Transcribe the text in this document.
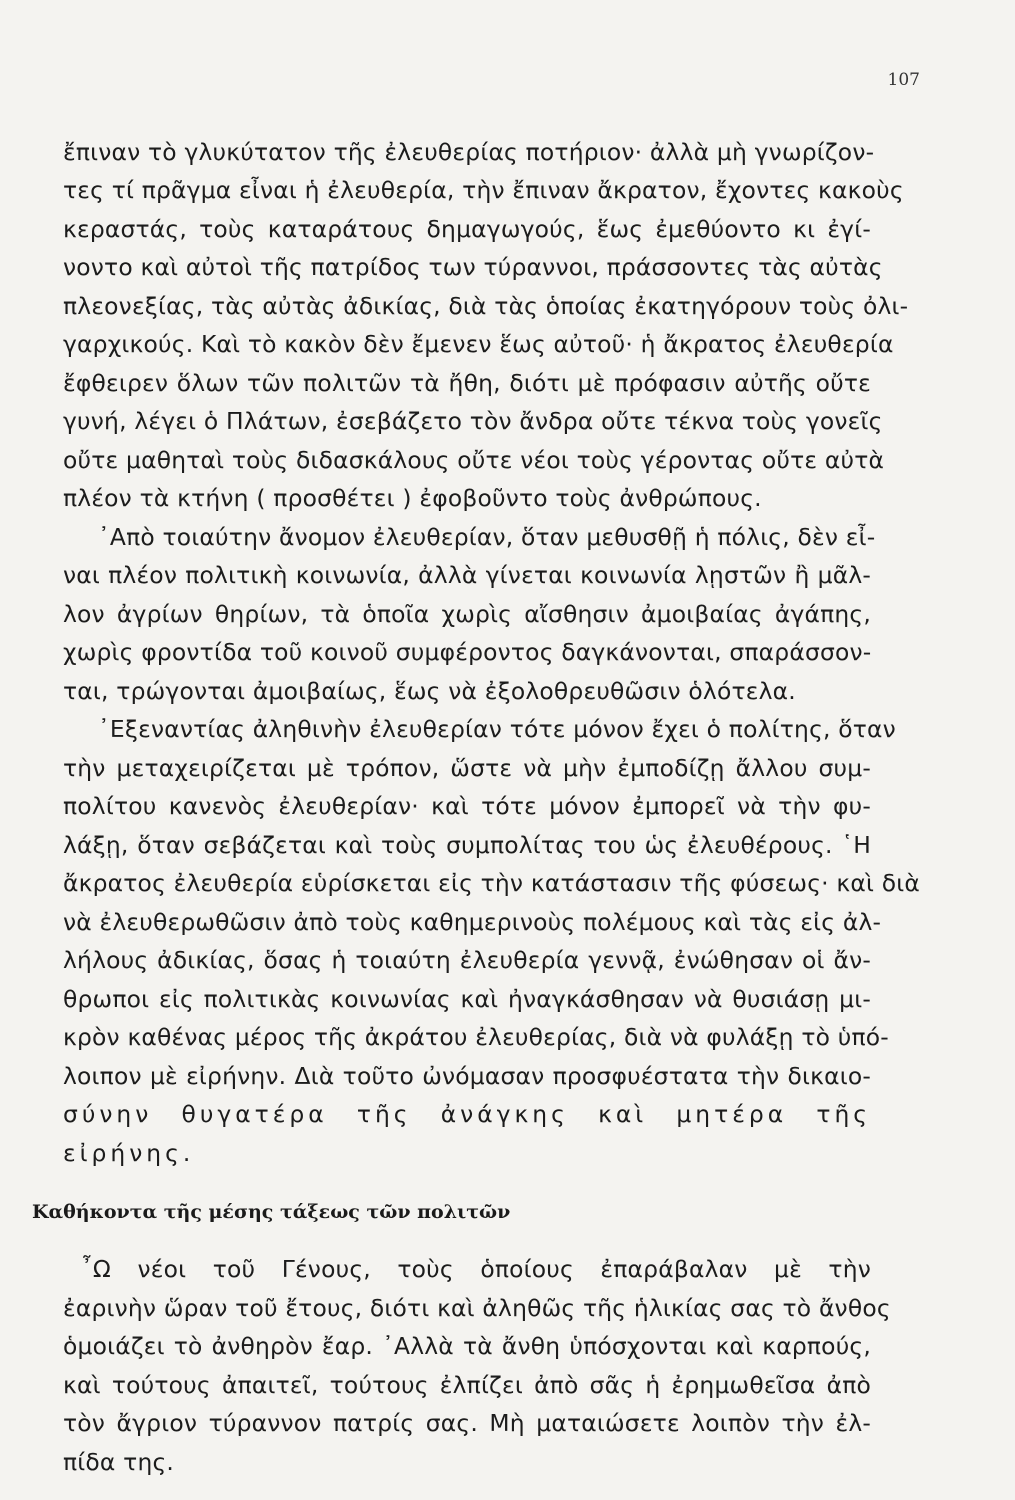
107
ἔπιναν τὸ γλυκύτατον τῆς ἐλευθερίας ποτήριον· ἀλλὰ μὴ γνωρίζον-
τες τί πρᾶγμα εἶναι ἡ ἐλευθερία, τὴν ἔπιναν ἄκρατον, ἔχοντες κακοὺς
κεραστάς, τοὺς καταράτους δημαγωγούς, ἕως ἐμεθύοντο κι ἐγί-
νοντο καὶ αὐτοὶ τῆς πατρίδος των τύραννοι, πράσσοντες τὰς αὐτὰς
πλεονεξίας, τὰς αὐτὰς ἀδικίας, διὰ τὰς ὁποίας ἐκατηγόρουν τοὺς ὀλι-
γαρχικούς. Καὶ τὸ κακὸν δὲν ἔμενεν ἕως αὐτοῦ· ἡ ἄκρατος ἐλευθερία
ἔφθειρεν ὅλων τῶν πολιτῶν τὰ ἤθη, διότι μὲ πρόφασιν αὐτῆς οὔτε
γυνή, λέγει ὁ Πλάτων, ἐσεβάζετο τὸν ἄνδρα οὔτε τέκνα τοὺς γονεῖς
οὔτε μαθηταὶ τοὺς διδασκάλους οὔτε νέοι τοὺς γέροντας οὔτε αὐτὰ
πλέον τὰ κτήνη ( προσθέτει ) ἐφοβοῦντο τοὺς ἀνθρώπους.
᾿Απὸ τοιαύτην ἄνομον ἐλευθερίαν, ὅταν μεθυσθῇ ἡ πόλις, δὲν εἶ-
ναι πλέον πολιτικὴ κοινωνία, ἀλλὰ γίνεται κοινωνία λῃστῶν ἢ μᾶλ-
λον ἀγρίων θηρίων, τὰ ὁποῖα χωρὶς αἴσθησιν ἀμοιβαίας ἀγάπης,
χωρὶς φροντίδα τοῦ κοινοῦ συμφέροντος δαγκάνονται, σπαράσσον-
ται, τρώγονται ἀμοιβαίως, ἕως νὰ ἐξολοθρευθῶσιν ὁλότελα.
᾿Εξεναντίας ἀληθινὴν ἐλευθερίαν τότε μόνον ἔχει ὁ πολίτης, ὅταν
τὴν μεταχειρίζεται μὲ τρόπον, ὥστε νὰ μὴν ἐμποδίζῃ ἄλλου συμ-
πολίτου κανενὸς ἐλευθερίαν· καὶ τότε μόνον ἐμπορεῖ νὰ τὴν φυ-
λάξῃ, ὅταν σεβάζεται καὶ τοὺς συμπολίτας του ὡς ἐλευθέρους. ῾Η
ἄκρατος ἐλευθερία εὑρίσκεται εἰς τὴν κατάστασιν τῆς φύσεως· καὶ διὰ
νὰ ἐλευθερωθῶσιν ἀπὸ τοὺς καθημερινοὺς πολέμους καὶ τὰς εἰς ἀλ-
λήλους ἀδικίας, ὅσας ἡ τοιαύτη ἐλευθερία γεννᾷ, ἐνώθησαν οἱ ἄν-
θρωποι εἰς πολιτικὰς κοινωνίας καὶ ἠναγκάσθησαν νὰ θυσιάσῃ μι-
κρὸν καθένας μέρος τῆς ἀκράτου ἐλευθερίας, διὰ νὰ φυλάξῃ τὸ ὑπό-
λοιπον μὲ εἰρήνην. Διὰ τοῦτο ὠνόμασαν προσφυέστατα τὴν δικαιο-
σύνην θυγατέρα τῆς ἀνάγκης καὶ μητέρα τῆς
εἰρήνης.
Καθήκοντα τῆς μέσης τάξεως τῶν πολιτῶν
῏Ω νέοι τοῦ Γένους, τοὺς ὁποίους ἐπαράβαλαν μὲ τὴν
ἐαρινὴν ὥραν τοῦ ἔτους, διότι καὶ ἀληθῶς τῆς ἡλικίας σας τὸ ἄνθος
ὁμοιάζει τὸ ἀνθηρὸν ἔαρ. ᾿Αλλὰ τὰ ἄνθη ὑπόσχονται καὶ καρπούς,
καὶ τούτους ἀπαιτεῖ, τούτους ἐλπίζει ἀπὸ σᾶς ἡ ἐρημωθεῖσα ἀπὸ
τὸν ἄγριον τύραννον πατρίς σας. Μὴ ματαιώσετε λοιπὸν τὴν ἐλ-
πίδα της.
